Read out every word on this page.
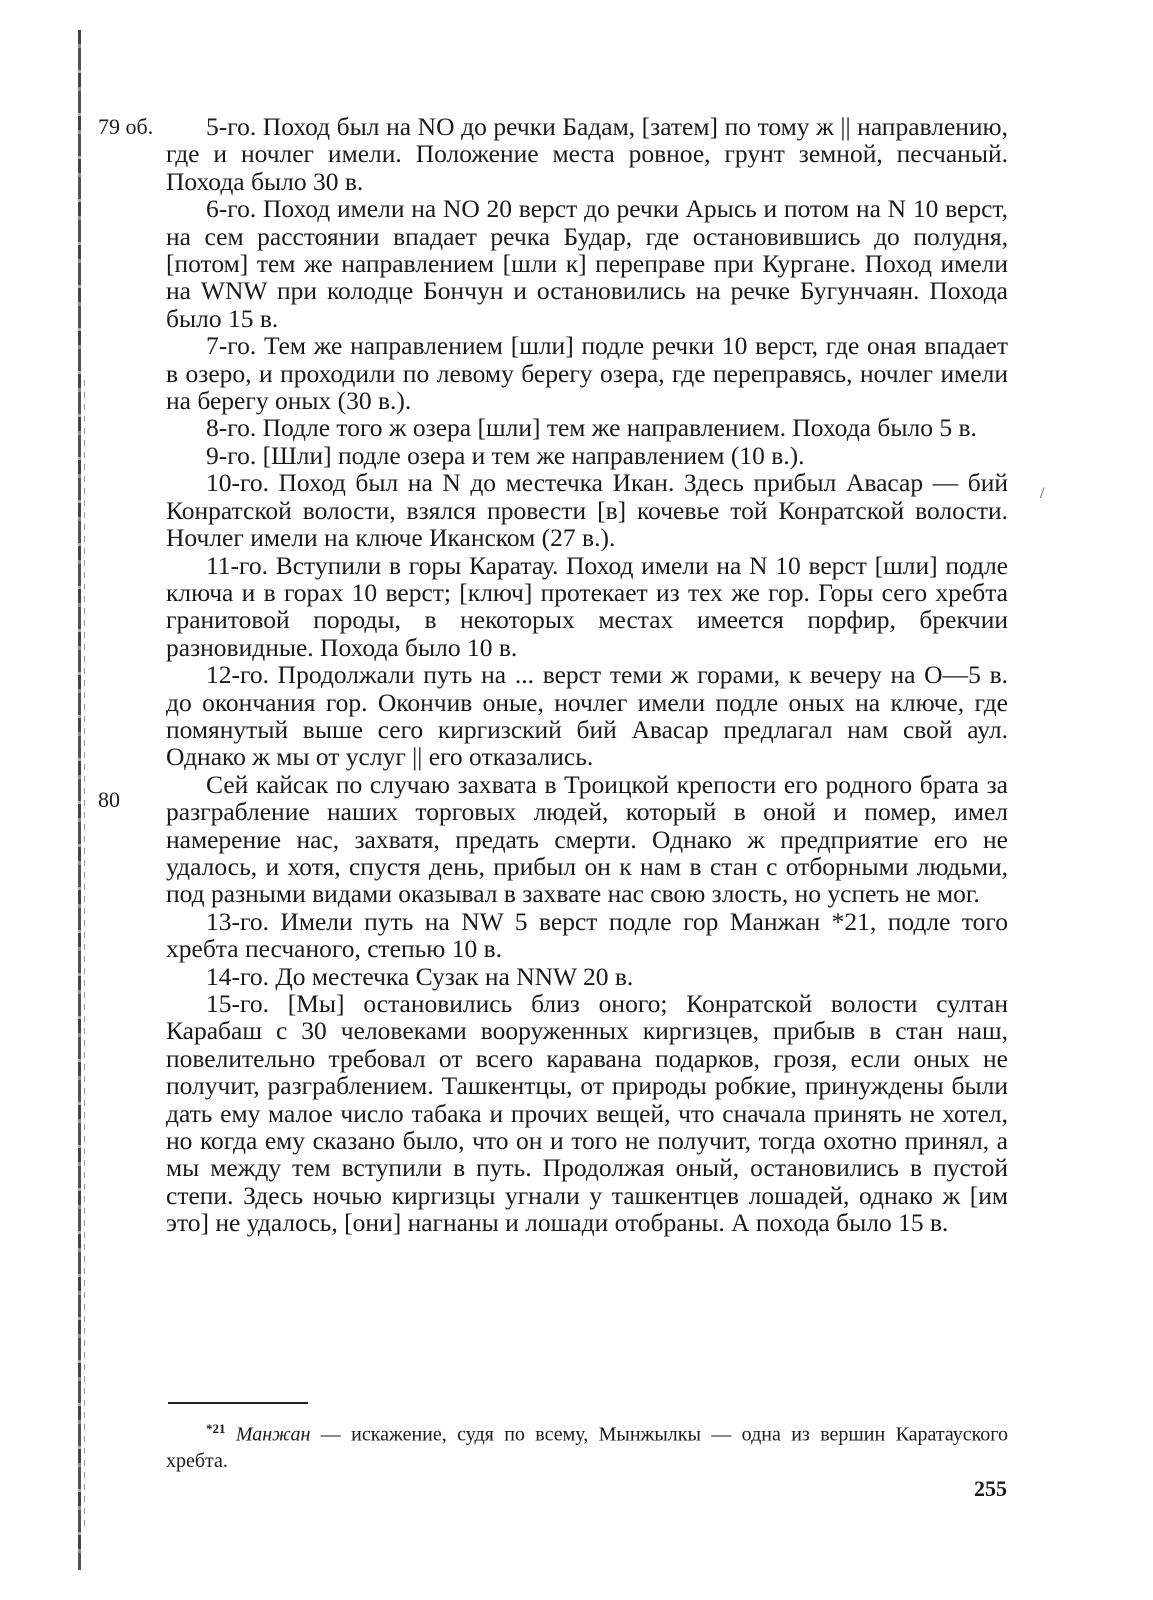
79 об.
80

5-го. Поход был на NO до речки Бадам, [затем] по тому ж || направлению, где и ночлег имели. Положение места ровное, грунт земной, песчаный. Похода было 30 в.

6-го. Поход имели на NO 20 верст до речки Арысь и потом на N 10 верст, на сем расстоянии впадает речка Будар, где остановившись до полудня, [потом] тем же направлением [шли к] переправе при Кургане. Поход имели на WNW при колодце Бончун и остановились на речке Бугунчаян. Похода было 15 в.

7-го. Тем же направлением [шли] подле речки 10 верст, где оная впадает в озеро, и проходили по левому берегу озера, где переправясь, ночлег имели на берегу оных (30 в.).

8-го. Подле того ж озера [шли] тем же направлением. Похода было 5 в.

9-го. [Шли] подле озера и тем же направлением (10 в.).

10-го. Поход был на N до местечка Икан. Здесь прибыл Авасар — бий Конратской волости, взялся провести [в] кочевье той Конратской волости. Ночлег имели на ключе Иканском (27 в.).

11-го. Вступили в горы Каратау. Поход имели на N 10 верст [шли] подле ключа и в горах 10 верст; [ключ] протекает из тех же гор. Горы сего хребта гранитовой породы, в некоторых местах имеется порфир, брекчии разновидные. Похода было 10 в.

12-го. Продолжали путь на ... верст теми ж горами, к вечеру на О—5 в. до окончания гор. Окончив оные, ночлег имели подле оных на ключе, где помянутый выше сего киргизский бий Авасар предлагал нам свой аул. Однако ж мы от услуг || его отказались.

Сей кайсак по случаю захвата в Троицкой крепости его родного брата за разграбление наших торговых людей, который в оной и помер, имел намерение нас, захватя, предать смерти. Однако ж предприятие его не удалось, и хотя, спустя день, прибыл он к нам в стан с отборными людьми, под разными видами оказывал в захвате нас свою злость, но успеть не мог.

13-го. Имели путь на NW 5 верст подле гор Манжан *21, подле того хребта песчаного, степью 10 в.

14-го. До местечка Сузак на NNW 20 в.

15-го. [Мы] остановились близ оного; Конратской волости султан Карабаш с 30 человеками вооруженных киргизцев, прибыв в стан наш, повелительно требовал от всего каравана подарков, грозя, если оных не получит, разграблением. Ташкентцы, от природы робкие, принуждены были дать ему малое число табака и прочих вещей, что сначала принять не хотел, но когда ему сказано было, что он и того не получит, тогда охотно принял, а мы между тем вступили в путь. Продолжая оный, остановились в пустой степи. Здесь ночью киргизцы угнали у ташкентцев лошадей, однако ж [им это] не удалось, [они] нагнаны и лошади отобраны. А похода было 15 в.

/

$^{*21}$ Манжан — искажение, судя по всему, Мынжылкы — одна из вершин Каратауского хребта.

255
